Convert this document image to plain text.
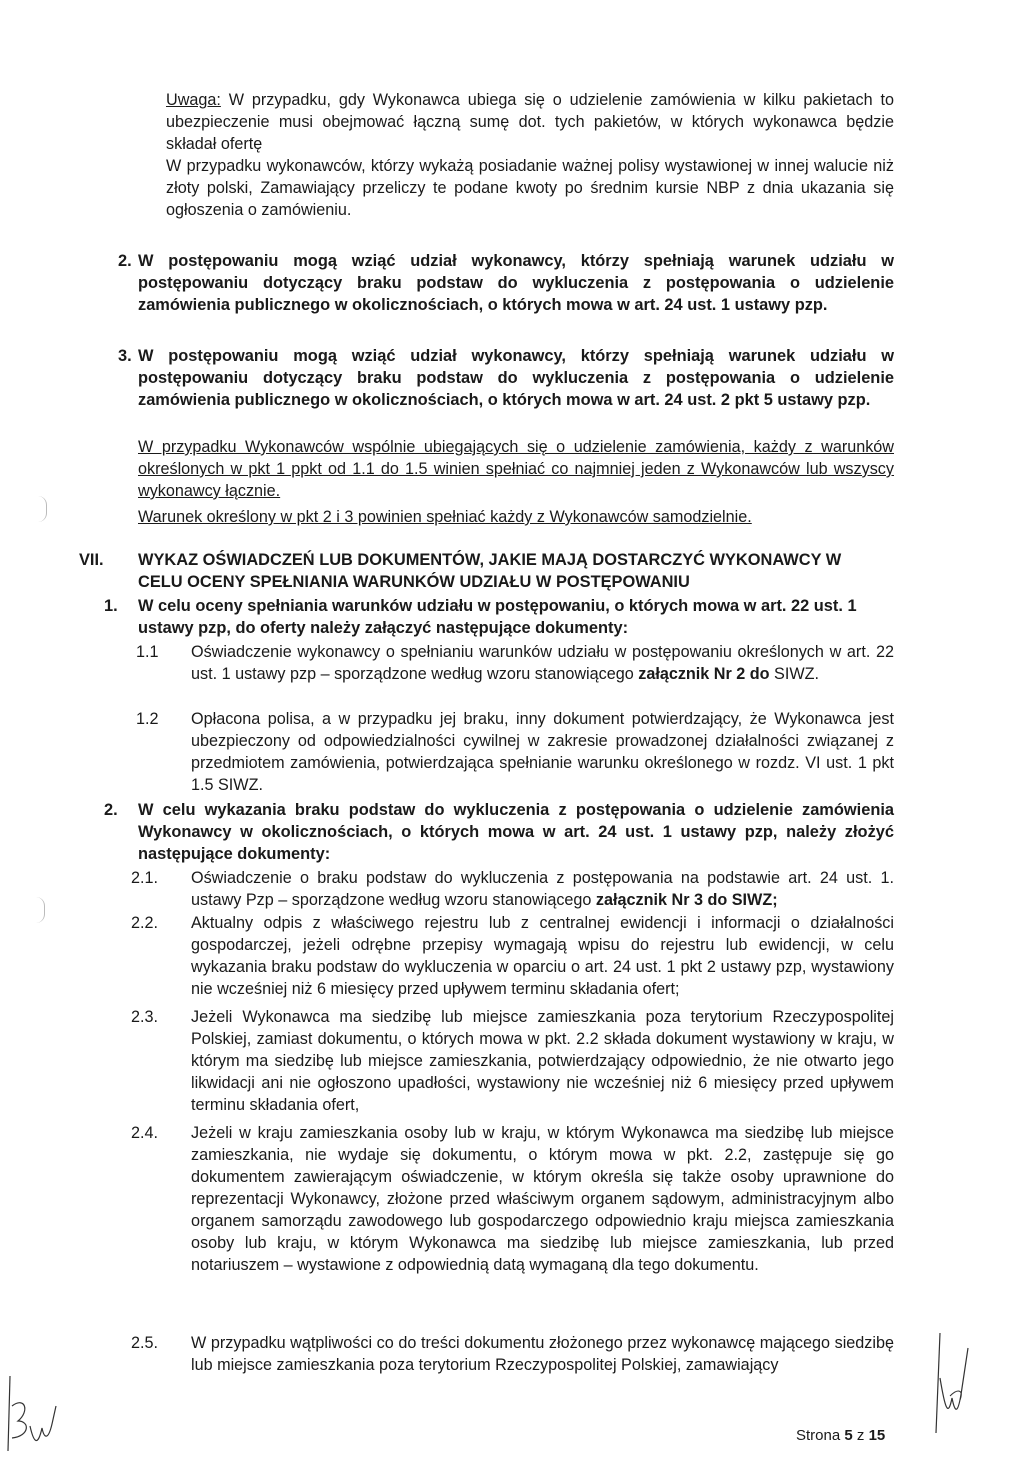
Uwaga: W przypadku, gdy Wykonawca ubiega się o udzielenie zamówienia w kilku pakietach to ubezpieczenie musi obejmować łączną sumę dot. tych pakietów, w których wykonawca będzie składał ofertę
W przypadku wykonawców, którzy wykażą posiadanie ważnej polisy wystawionej w innej walucie niż złoty polski, Zamawiający przeliczy te podane kwoty po średnim kursie NBP z dnia ukazania się ogłoszenia o zamówieniu.
2. W postępowaniu mogą wziąć udział wykonawcy, którzy spełniają warunek udziału w postępowaniu dotyczący braku podstaw do wykluczenia z postępowania o udzielenie zamówienia publicznego w okolicznościach, o których mowa w art. 24 ust. 1 ustawy pzp.
3. W postępowaniu mogą wziąć udział wykonawcy, którzy spełniają warunek udziału w postępowaniu dotyczący braku podstaw do wykluczenia z postępowania o udzielenie zamówienia publicznego w okolicznościach, o których mowa w art. 24 ust. 2 pkt 5 ustawy pzp.
W przypadku Wykonawców wspólnie ubiegających się o udzielenie zamówienia, każdy z warunków określonych w pkt 1 ppkt od 1.1 do 1.5 winien spełniać co najmniej jeden z Wykonawców lub wszyscy wykonawcy łącznie.
Warunek określony w pkt 2 i 3 powinien spełniać każdy z Wykonawców samodzielnie.
VII. WYKAZ OŚWIADCZEŃ LUB DOKUMENTÓW, JAKIE MAJĄ DOSTARCZYĆ WYKONAWCY W CELU OCENY SPEŁNIANIA WARUNKÓW UDZIAŁU W POSTĘPOWANIU
1. W celu oceny spełniania warunków udziału w postępowaniu, o których mowa w art. 22 ust. 1 ustawy pzp, do oferty należy załączyć następujące dokumenty:
1.1 Oświadczenie wykonawcy o spełnianiu warunków udziału w postępowaniu określonych w art. 22 ust. 1 ustawy pzp – sporządzone według wzoru stanowiącego załącznik Nr 2 do SIWZ.
1.2 Opłacona polisa, a w przypadku jej braku, inny dokument potwierdzający, że Wykonawca jest ubezpieczony od odpowiedzialności cywilnej w zakresie prowadzonej działalności związanej z przedmiotem zamówienia, potwierdzająca spełnianie warunku określonego w rozdz. VI ust. 1 pkt 1.5 SIWZ.
2. W celu wykazania braku podstaw do wykluczenia z postępowania o udzielenie zamówienia Wykonawcy w okolicznościach, o których mowa w art. 24 ust. 1 ustawy pzp, należy złożyć następujące dokumenty:
2.1. Oświadczenie o braku podstaw do wykluczenia z postępowania na podstawie art. 24 ust. 1. ustawy Pzp – sporządzone według wzoru stanowiącego załącznik Nr 3 do SIWZ;
2.2. Aktualny odpis z właściwego rejestru lub z centralnej ewidencji i informacji o działalności gospodarczej, jeżeli odrębne przepisy wymagają wpisu do rejestru lub ewidencji, w celu wykazania braku podstaw do wykluczenia w oparciu o art. 24 ust. 1 pkt 2 ustawy pzp, wystawiony nie wcześniej niż 6 miesięcy przed upływem terminu składania ofert;
2.3. Jeżeli Wykonawca ma siedzibę lub miejsce zamieszkania poza terytorium Rzeczypospolitej Polskiej, zamiast dokumentu, o których mowa w pkt. 2.2 składa dokument wystawiony w kraju, w którym ma siedzibę lub miejsce zamieszkania, potwierdzający odpowiednio, że nie otwarto jego likwidacji ani nie ogłoszono upadłości, wystawiony nie wcześniej niż 6 miesięcy przed upływem terminu składania ofert,
2.4. Jeżeli w kraju zamieszkania osoby lub w kraju, w którym Wykonawca ma siedzibę lub miejsce zamieszkania, nie wydaje się dokumentu, o którym mowa w pkt. 2.2, zastępuje się go dokumentem zawierającym oświadczenie, w którym określa się także osoby uprawnione do reprezentacji Wykonawcy, złożone przed właściwym organem sądowym, administracyjnym albo organem samorządu zawodowego lub gospodarczego odpowiednio kraju miejsca zamieszkania osoby lub kraju, w którym Wykonawca ma siedzibę lub miejsce zamieszkania, lub przed notariuszem – wystawione z odpowiednią datą wymaganą dla tego dokumentu.
2.5. W przypadku wątpliwości co do treści dokumentu złożonego przez wykonawcę mającego siedzibę lub miejsce zamieszkania poza terytorium Rzeczypospolitej Polskiej, zamawiający
Strona 5 z 15
